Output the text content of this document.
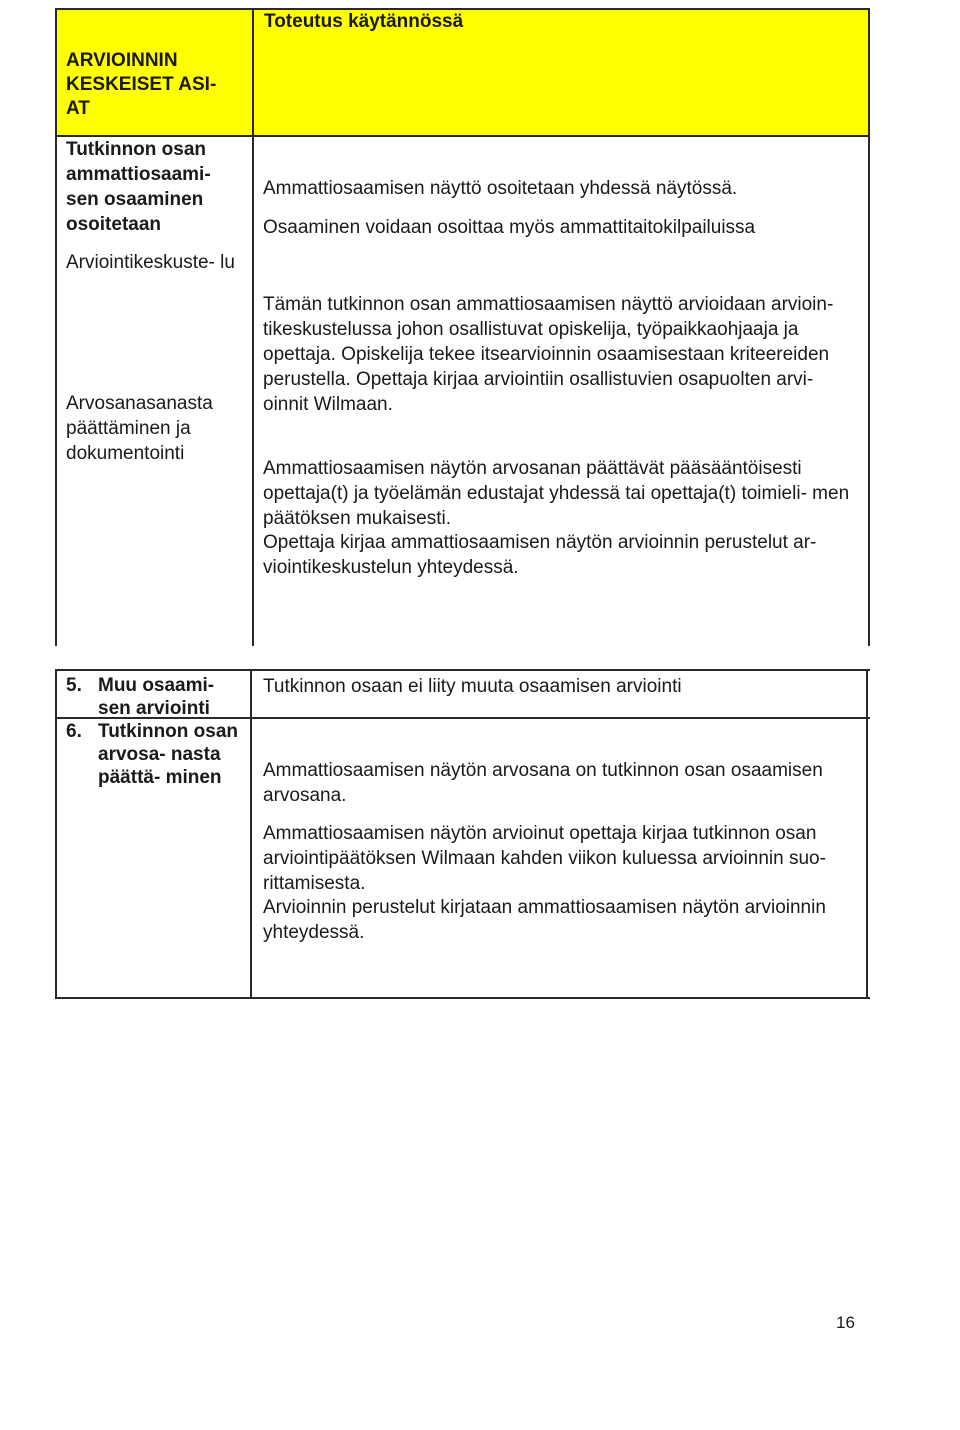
Toteutus käytännössä
ARVIOINNIN KESKEISET ASI- AT
Tutkinnon osan ammattiosaami- sen osaaminen osoitetaan
Arviointikeskuste- lu
Arvosanasanasta päättäminen ja dokumentointi
Ammattiosaamisen näyttö osoitetaan yhdessä näytössä.
Osaaminen voidaan osoittaa myös ammattitaitokilpailuissa
Tämän tutkinnon osan ammattiosaamisen näyttö arvioidaan arvioin- tikeskustelussa johon osallistuvat opiskelija, työpaikkaohjaaja ja opettaja. Opiskelija tekee itsearvioinnin osaamisestaan kriteereiden perustella. Opettaja kirjaa arviointiin osallistuvien osapuolten arvi- oinnit Wilmaan.
Ammattiosaamisen näytön arvosanan päättävät pääsääntöisesti opettaja(t) ja työelämän edustajat yhdessä tai opettaja(t) toimieli- men päätöksen mukaisesti.
Opettaja kirjaa ammattiosaamisen näytön arvioinnin perustelut ar- viointikeskustelun yhteydessä.
5. Muu osaami- sen arviointi
6. Tutkinnon osan arvosa- nasta päättä- minen
Tutkinnon osaan ei liity muuta osaamisen arviointi
Ammattiosaamisen näytön arvosana on tutkinnon osan osaamisen arvosana.
Ammattiosaamisen näytön arvioinut opettaja kirjaa tutkinnon osan arviointipäätöksen Wilmaan kahden viikon kuluessa arvioinnin suo- rittamisesta.
Arvioinnin perustelut kirjataan ammattiosaamisen näytön arvioinnin yhteydessä.
16
